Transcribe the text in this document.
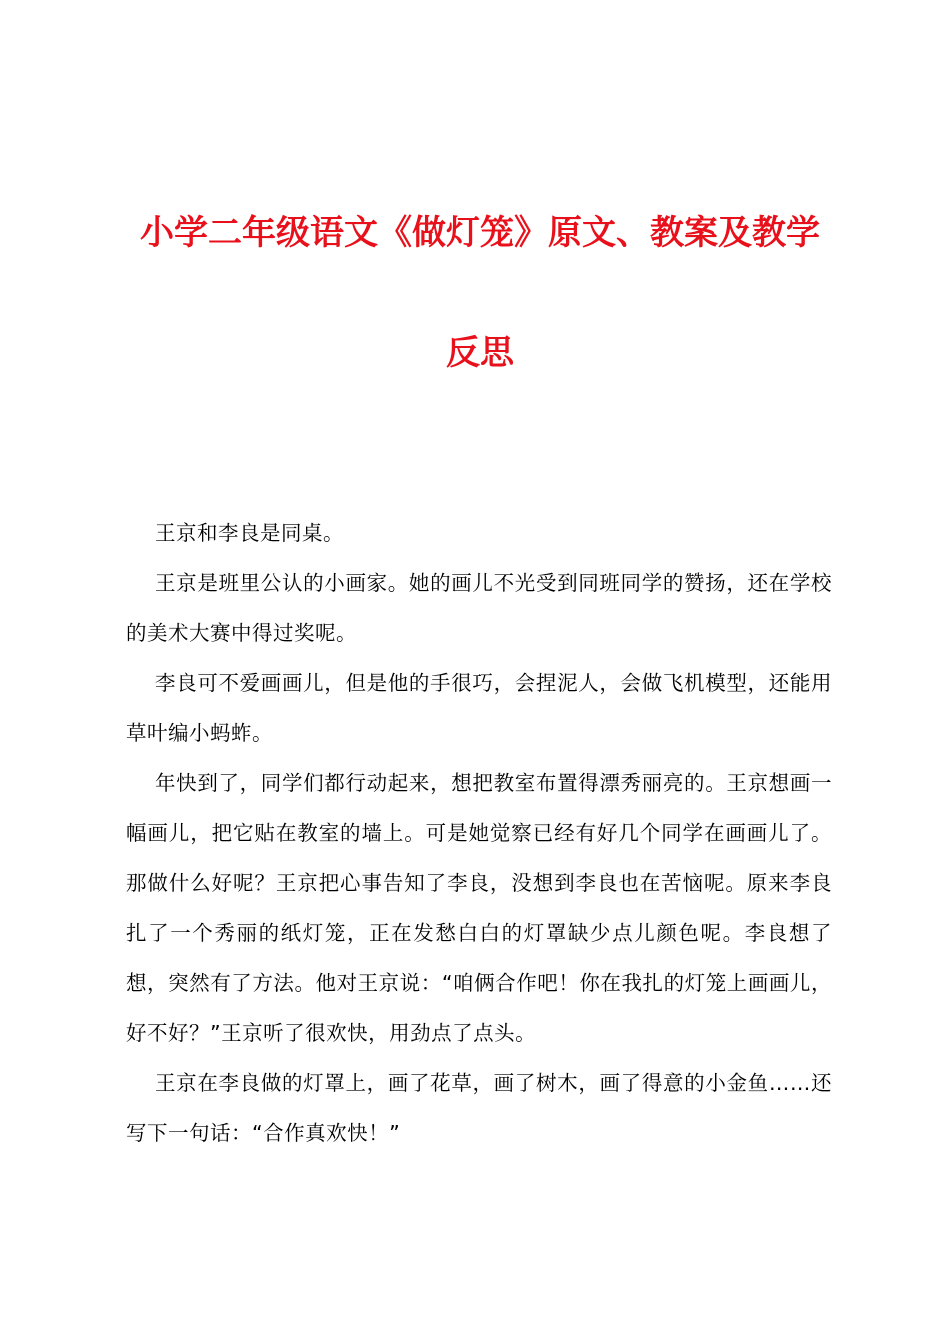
小学二年级语文《做灯笼》原文、教案及教学
反思

王京和李良是同桌。

王京是班里公认的小画家。她的画儿不光受到同班同学的赞扬，还在学校的美术大赛中得过奖呢。

李良可不爱画画儿，但是他的手很巧，会捏泥人，会做飞机模型，还能用草叶编小蚂蚱。

年快到了，同学们都行动起来，想把教室布置得漂秀丽亮的。王京想画一幅画儿，把它贴在教室的墙上。可是她觉察已经有好几个同学在画画儿了。那做什么好呢？王京把心事告知了李良，没想到李良也在苦恼呢。原来李良扎了一个秀丽的纸灯笼，正在发愁白白的灯罩缺少点儿颜色呢。李良想了想，突然有了方法。他对王京说：“咱俩合作吧！你在我扎的灯笼上画画儿，好不好？”王京听了很欢快，用劲点了点头。

王京在李良做的灯罩上，画了花草，画了树木，画了得意的小金鱼……还写下一句话：“合作真欢快！”
